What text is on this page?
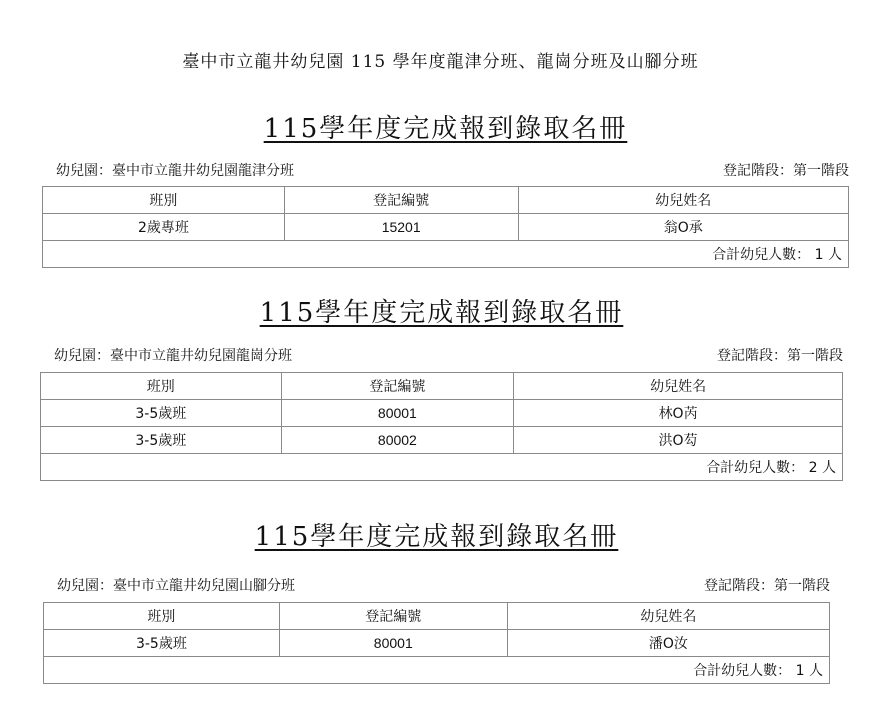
臺中市立龍井幼兒園 115 學年度龍津分班、龍崗分班及山腳分班
115學年度完成報到錄取名冊
幼兒園：臺中市立龍井幼兒園龍津分班	登記階段：第一階段
班別	登記編號	幼兒姓名
2歲專班	15201	翁O承
合計幼兒人數： 1 人		
115學年度完成報到錄取名冊
幼兒園：臺中市立龍井幼兒園龍崗分班	登記階段：第一階段
班別	登記編號	幼兒姓名
3-5歲班	80001	林O芮
3-5歲班	80002	洪O芶
合計幼兒人數： 2 人		
115學年度完成報到錄取名冊
幼兒園：臺中市立龍井幼兒園山腳分班	登記階段：第一階段
班別	登記編號	幼兒姓名
3-5歲班	80001	潘O汝
合計幼兒人數： 1 人		
